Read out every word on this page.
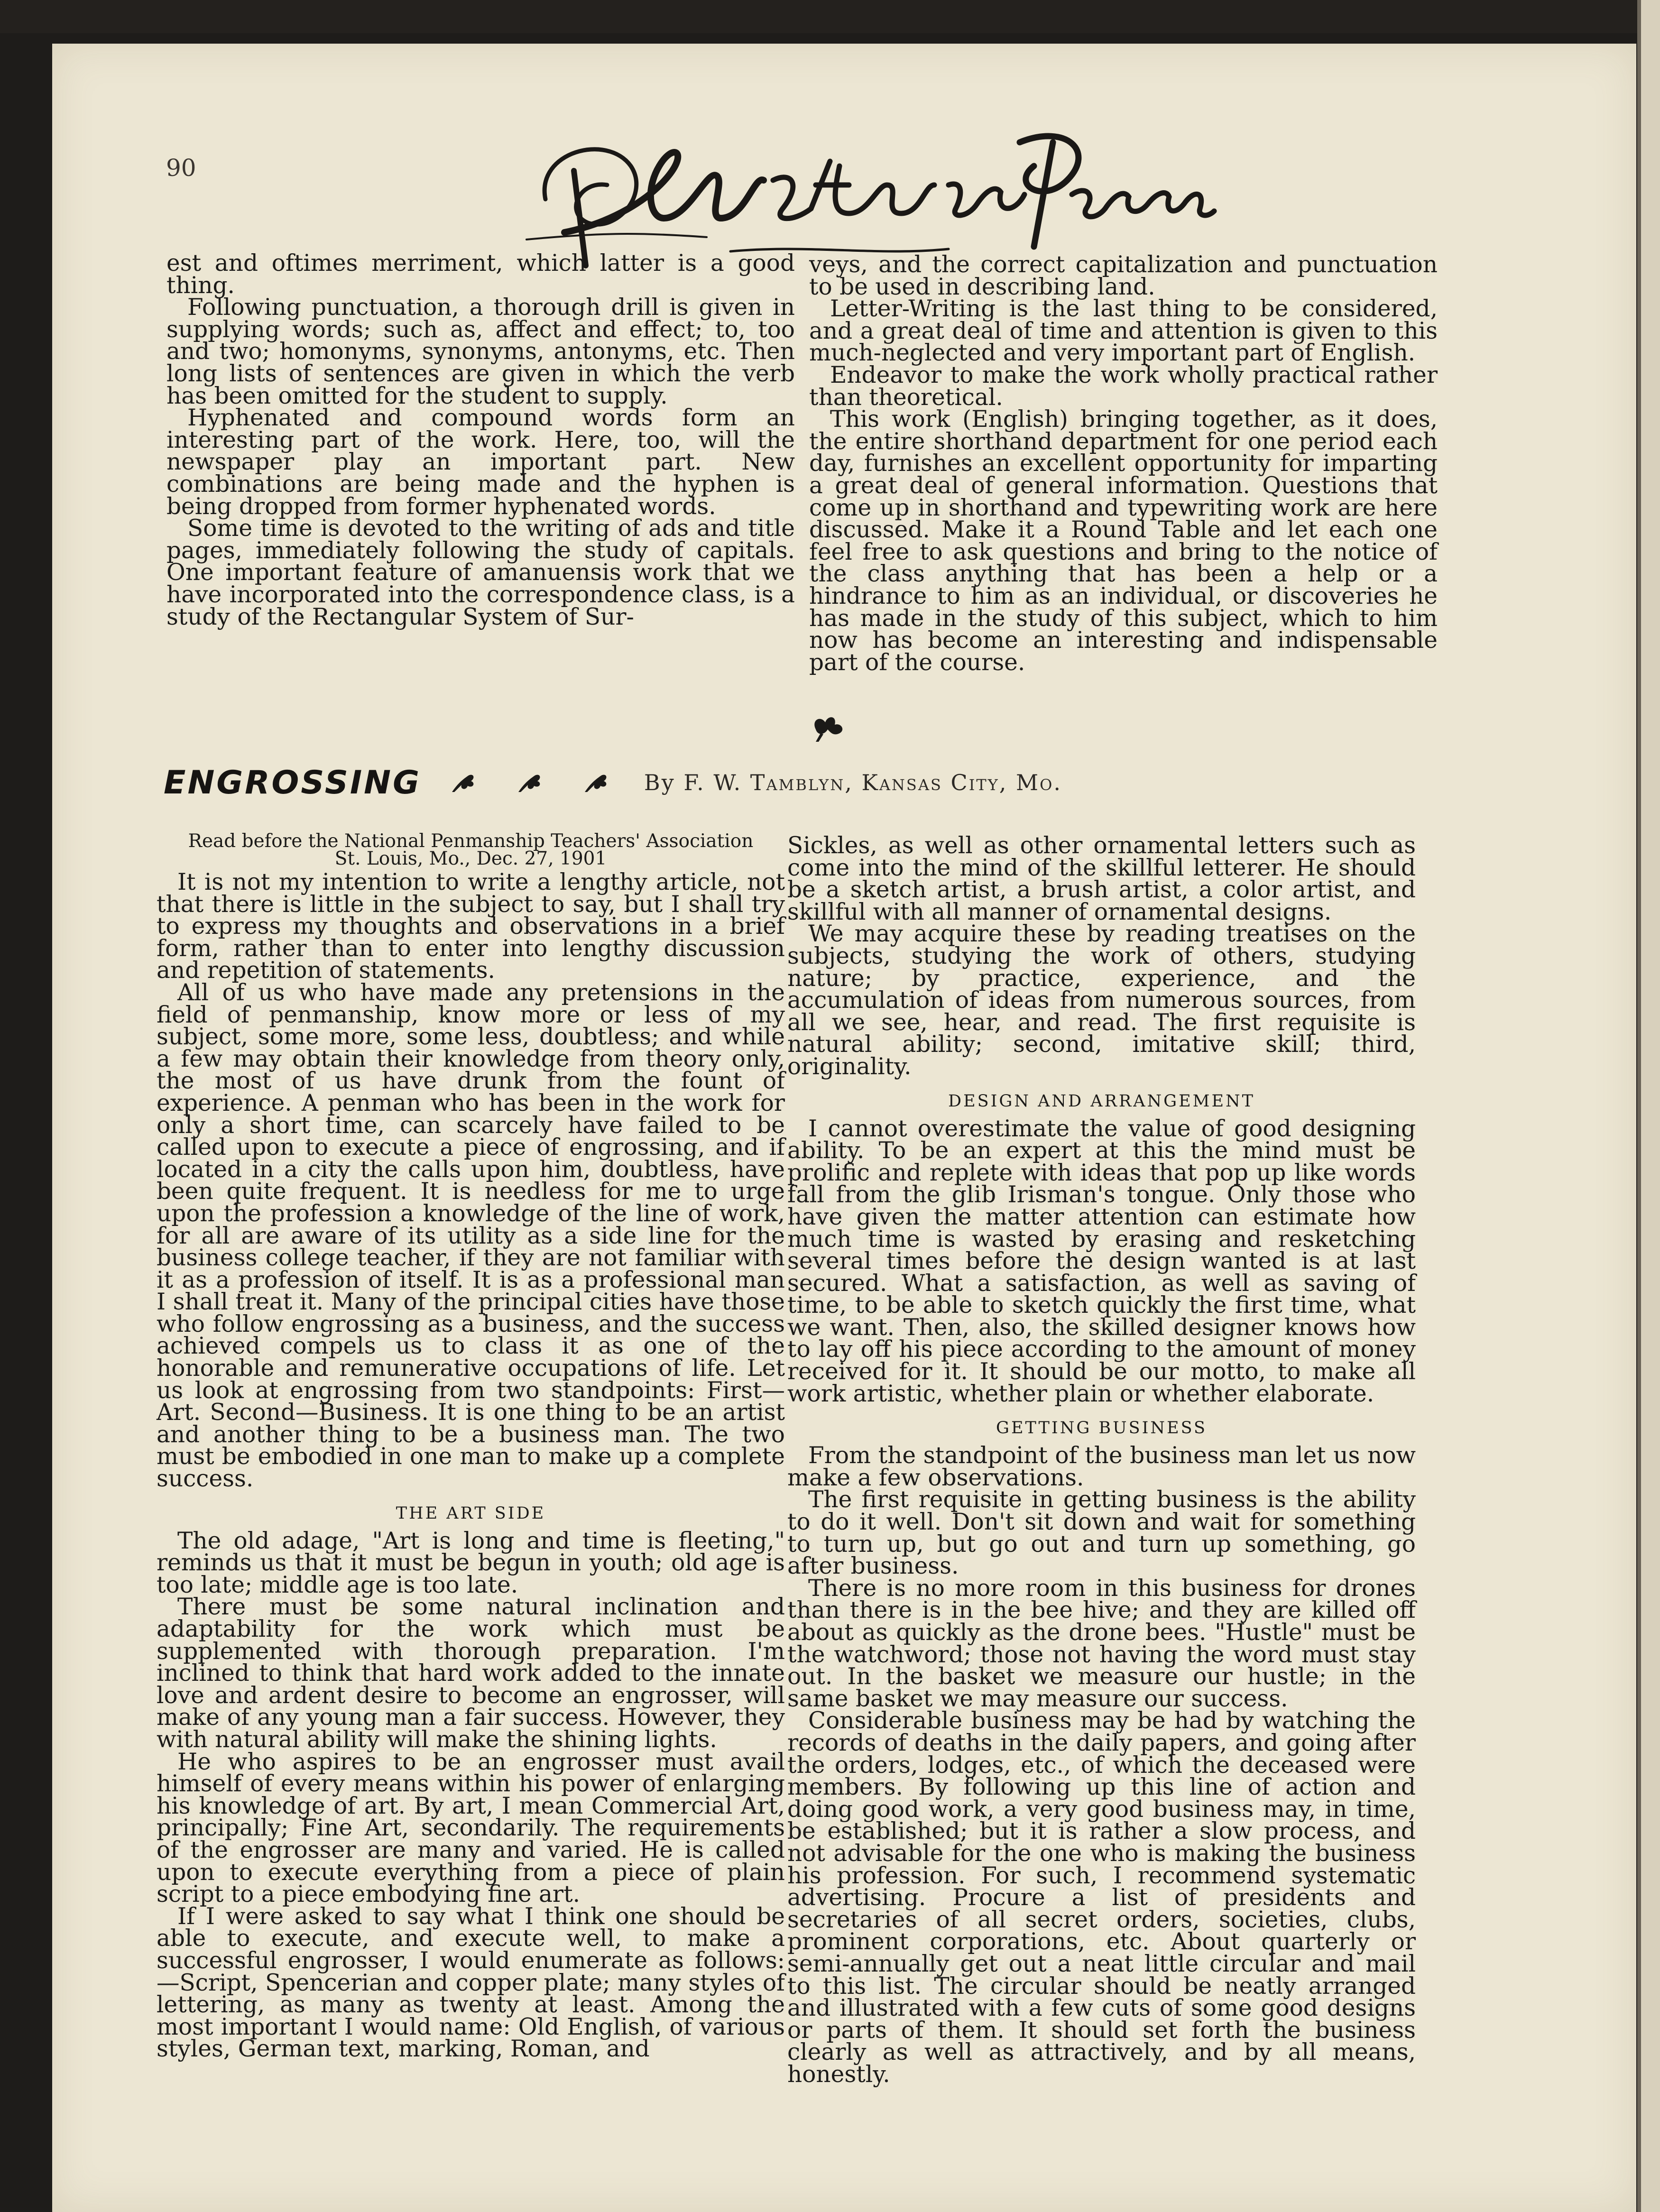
90

est and oftimes merriment, which latter is a good thing.

Following punctuation, a thorough drill is given in supplying words; such as, affect and effect; to, too and two; homonyms, synonyms, antonyms, etc. Then long lists of sentences are given in which the verb has been omitted for the student to supply.

Hyphenated and compound words form an interesting part of the work. Here, too, will the newspaper play an important part. New combinations are being made and the hyphen is being dropped from former hyphenated words.

Some time is devoted to the writing of ads and title pages, immediately following the study of capitals. One important feature of amanuensis work that we have incorporated into the correspondence class, is a study of the Rectangular System of Sur-

veys, and the correct capitalization and punctuation to be used in describing land.

Letter-Writing is the last thing to be considered, and a great deal of time and attention is given to this much-neglected and very important part of English.

Endeavor to make the work wholly practical rather than theoretical.

This work (English) bringing together, as it does, the entire shorthand department for one period each day, furnishes an excellent opportunity for imparting a great deal of general information. Questions that come up in shorthand and typewriting work are here discussed. Make it a Round Table and let each one feel free to ask questions and bring to the notice of the class anything that has been a help or a hindrance to him as an individual, or discoveries he has made in the study of this subject, which to him now has become an interesting and indispensable part of the course.

ENGROSSING	By F. W. Tamblyn, Kansas City, Mo.

Read before the National Penmanship Teachers' Association
St. Louis, Mo., Dec. 27, 1901

It is not my intention to write a lengthy article, not that there is little in the subject to say, but I shall try to express my thoughts and observations in a brief form, rather than to enter into lengthy discussion and repetition of statements.

All of us who have made any pretensions in the field of penmanship, know more or less of my subject, some more, some less, doubtless; and while a few may obtain their knowledge from theory only, the most of us have drunk from the fount of experience. A penman who has been in the work for only a short time, can scarcely have failed to be called upon to execute a piece of engrossing, and if located in a city the calls upon him, doubtless, have been quite frequent. It is needless for me to urge upon the profession a knowledge of the line of work, for all are aware of its utility as a side line for the business college teacher, if they are not familiar with it as a profession of itself. It is as a professional man I shall treat it. Many of the principal cities have those who follow engrossing as a business, and the success achieved compels us to class it as one of the honorable and remunerative occupations of life. Let us look at engrossing from two standpoints: First—Art. Second—Business. It is one thing to be an artist and another thing to be a business man. The two must be embodied in one man to make up a complete success.

THE ART SIDE

The old adage, "Art is long and time is fleeting," reminds us that it must be begun in youth; old age is too late; middle age is too late.

There must be some natural inclination and adaptability for the work which must be supplemented with thorough preparation. I'm inclined to think that hard work added to the innate love and ardent desire to become an engrosser, will make of any young man a fair success. However, they with natural ability will make the shining lights.

He who aspires to be an engrosser must avail himself of every means within his power of enlarging his knowledge of art. By art, I mean Commercial Art, principally; Fine Art, secondarily. The requirements of the engrosser are many and varied. He is called upon to execute everything from a piece of plain script to a piece embodying fine art.

If I were asked to say what I think one should be able to execute, and execute well, to make a successful engrosser, I would enumerate as follows:—Script, Spencerian and copper plate; many styles of lettering, as many as twenty at least. Among the most important I would name: Old English, of various styles, German text, marking, Roman, and

Sickles, as well as other ornamental letters such as come into the mind of the skillful letterer. He should be a sketch artist, a brush artist, a color artist, and skillful with all manner of ornamental designs.

We may acquire these by reading treatises on the subjects, studying the work of others, studying nature; by practice, experience, and the accumulation of ideas from numerous sources, from all we see, hear, and read. The first requisite is natural ability; second, imitative skill; third, originality.

DESIGN AND ARRANGEMENT

I cannot overestimate the value of good designing ability. To be an expert at this the mind must be prolific and replete with ideas that pop up like words fall from the glib Irisman's tongue. Only those who have given the matter attention can estimate how much time is wasted by erasing and resketching several times before the design wanted is at last secured. What a satisfaction, as well as saving of time, to be able to sketch quickly the first time, what we want. Then, also, the skilled designer knows how to lay off his piece according to the amount of money received for it. It should be our motto, to make all work artistic, whether plain or whether elaborate.

GETTING BUSINESS

From the standpoint of the business man let us now make a few observations.

The first requisite in getting business is the ability to do it well. Don't sit down and wait for something to turn up, but go out and turn up something, go after business.

There is no more room in this business for drones than there is in the bee hive; and they are killed off about as quickly as the drone bees. "Hustle" must be the watchword; those not having the word must stay out. In the basket we measure our hustle; in the same basket we may measure our success.

Considerable business may be had by watching the records of deaths in the daily papers, and going after the orders, lodges, etc., of which the deceased were members. By following up this line of action and doing good work, a very good business may, in time, be established; but it is rather a slow process, and not advisable for the one who is making the business his profession. For such, I recommend systematic advertising. Procure a list of presidents and secretaries of all secret orders, societies, clubs, prominent corporations, etc. About quarterly or semi-annually get out a neat little circular and mail to this list. The circular should be neatly arranged and illustrated with a few cuts of some good designs or parts of them. It should set forth the business clearly as well as attractively, and by all means, honestly.
